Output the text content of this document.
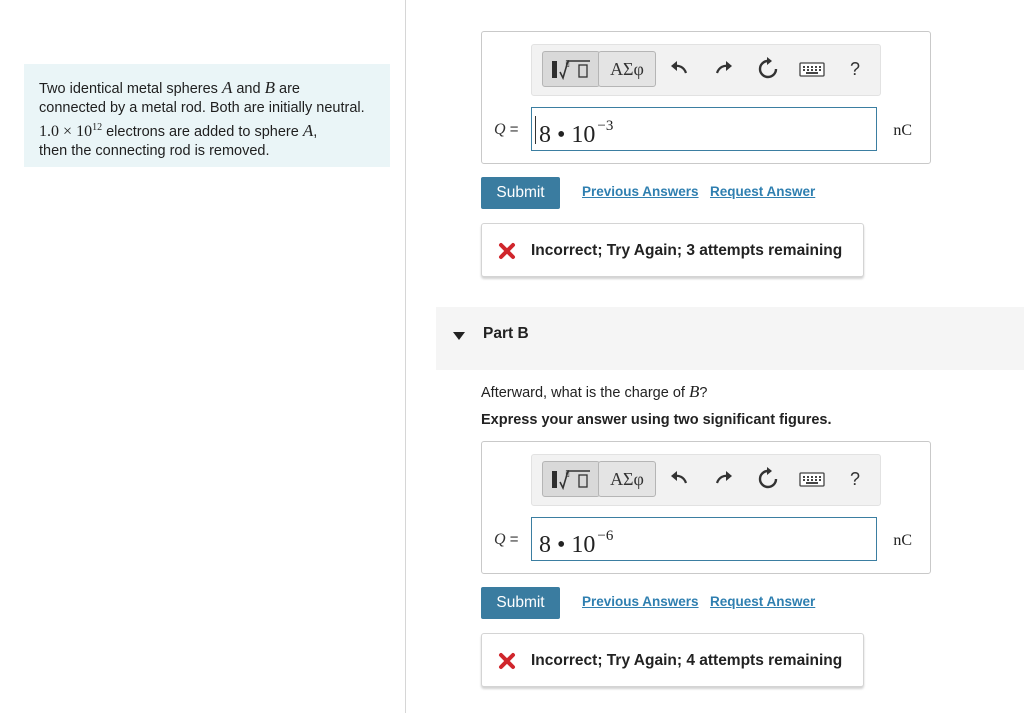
Two identical metal spheres A and B are
connected by a metal rod. Both are initially neutral.
$1.0 \times 10^{12}$ electrons are added to sphere A,
then the connecting rod is removed.
▯	ΑΣφ	?
Q = 8 • 10 $^{-3}$	nC
Submit	Previous Answers Request Answer
Incorrect; Try Again; 3 attempts remaining
Part B
Afterward, what is the charge of B?
Express your answer using two significant figures.
▯	ΑΣφ	?
Q = 8 • 10 $^{-6}$	nC
Submit	Previous Answers Request Answer
Incorrect; Try Again; 4 attempts remaining
